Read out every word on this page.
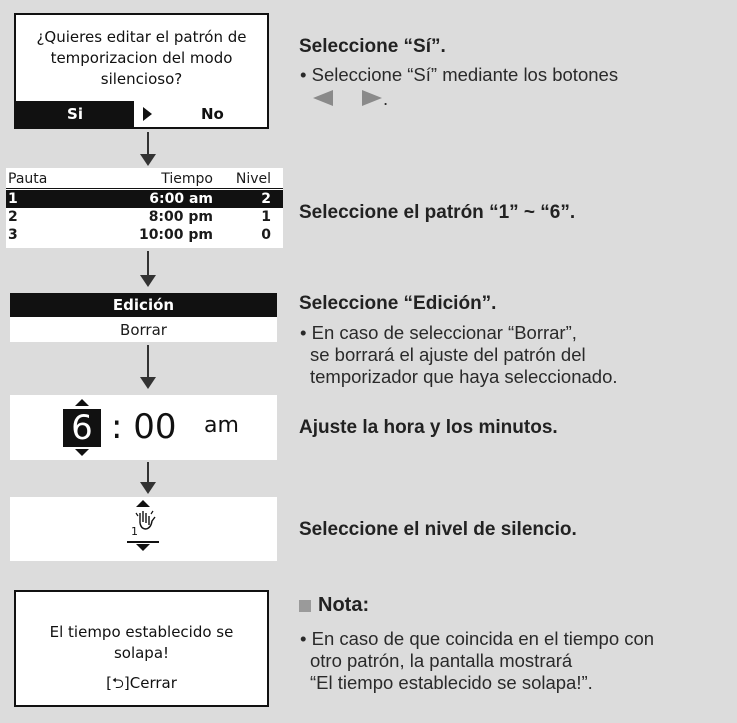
¿Quieres editar el patrón de
temporizacion del modo
silencioso?
Si	No
Pauta	Tiempo Nivel
1	6:00 am	2
2	8:00 pm	1
3	10:00 pm	0
Edición
Borrar
6 : 00 am
1
El tiempo establecido se
solapa!
[⮌]Cerrar
Seleccione “Sí”.
• Seleccione “Sí” mediante los botones
.
Seleccione el patrón “1” ~ “6”.
Seleccione “Edición”.
• En caso de seleccionar “Borrar”,
se borrará el ajuste del patrón del
temporizador que haya seleccionado.
Ajuste la hora y los minutos.
Seleccione el nivel de silencio.
Nota:
• En caso de que coincida en el tiempo con
otro patrón, la pantalla mostrará
“El tiempo establecido se solapa!”.
